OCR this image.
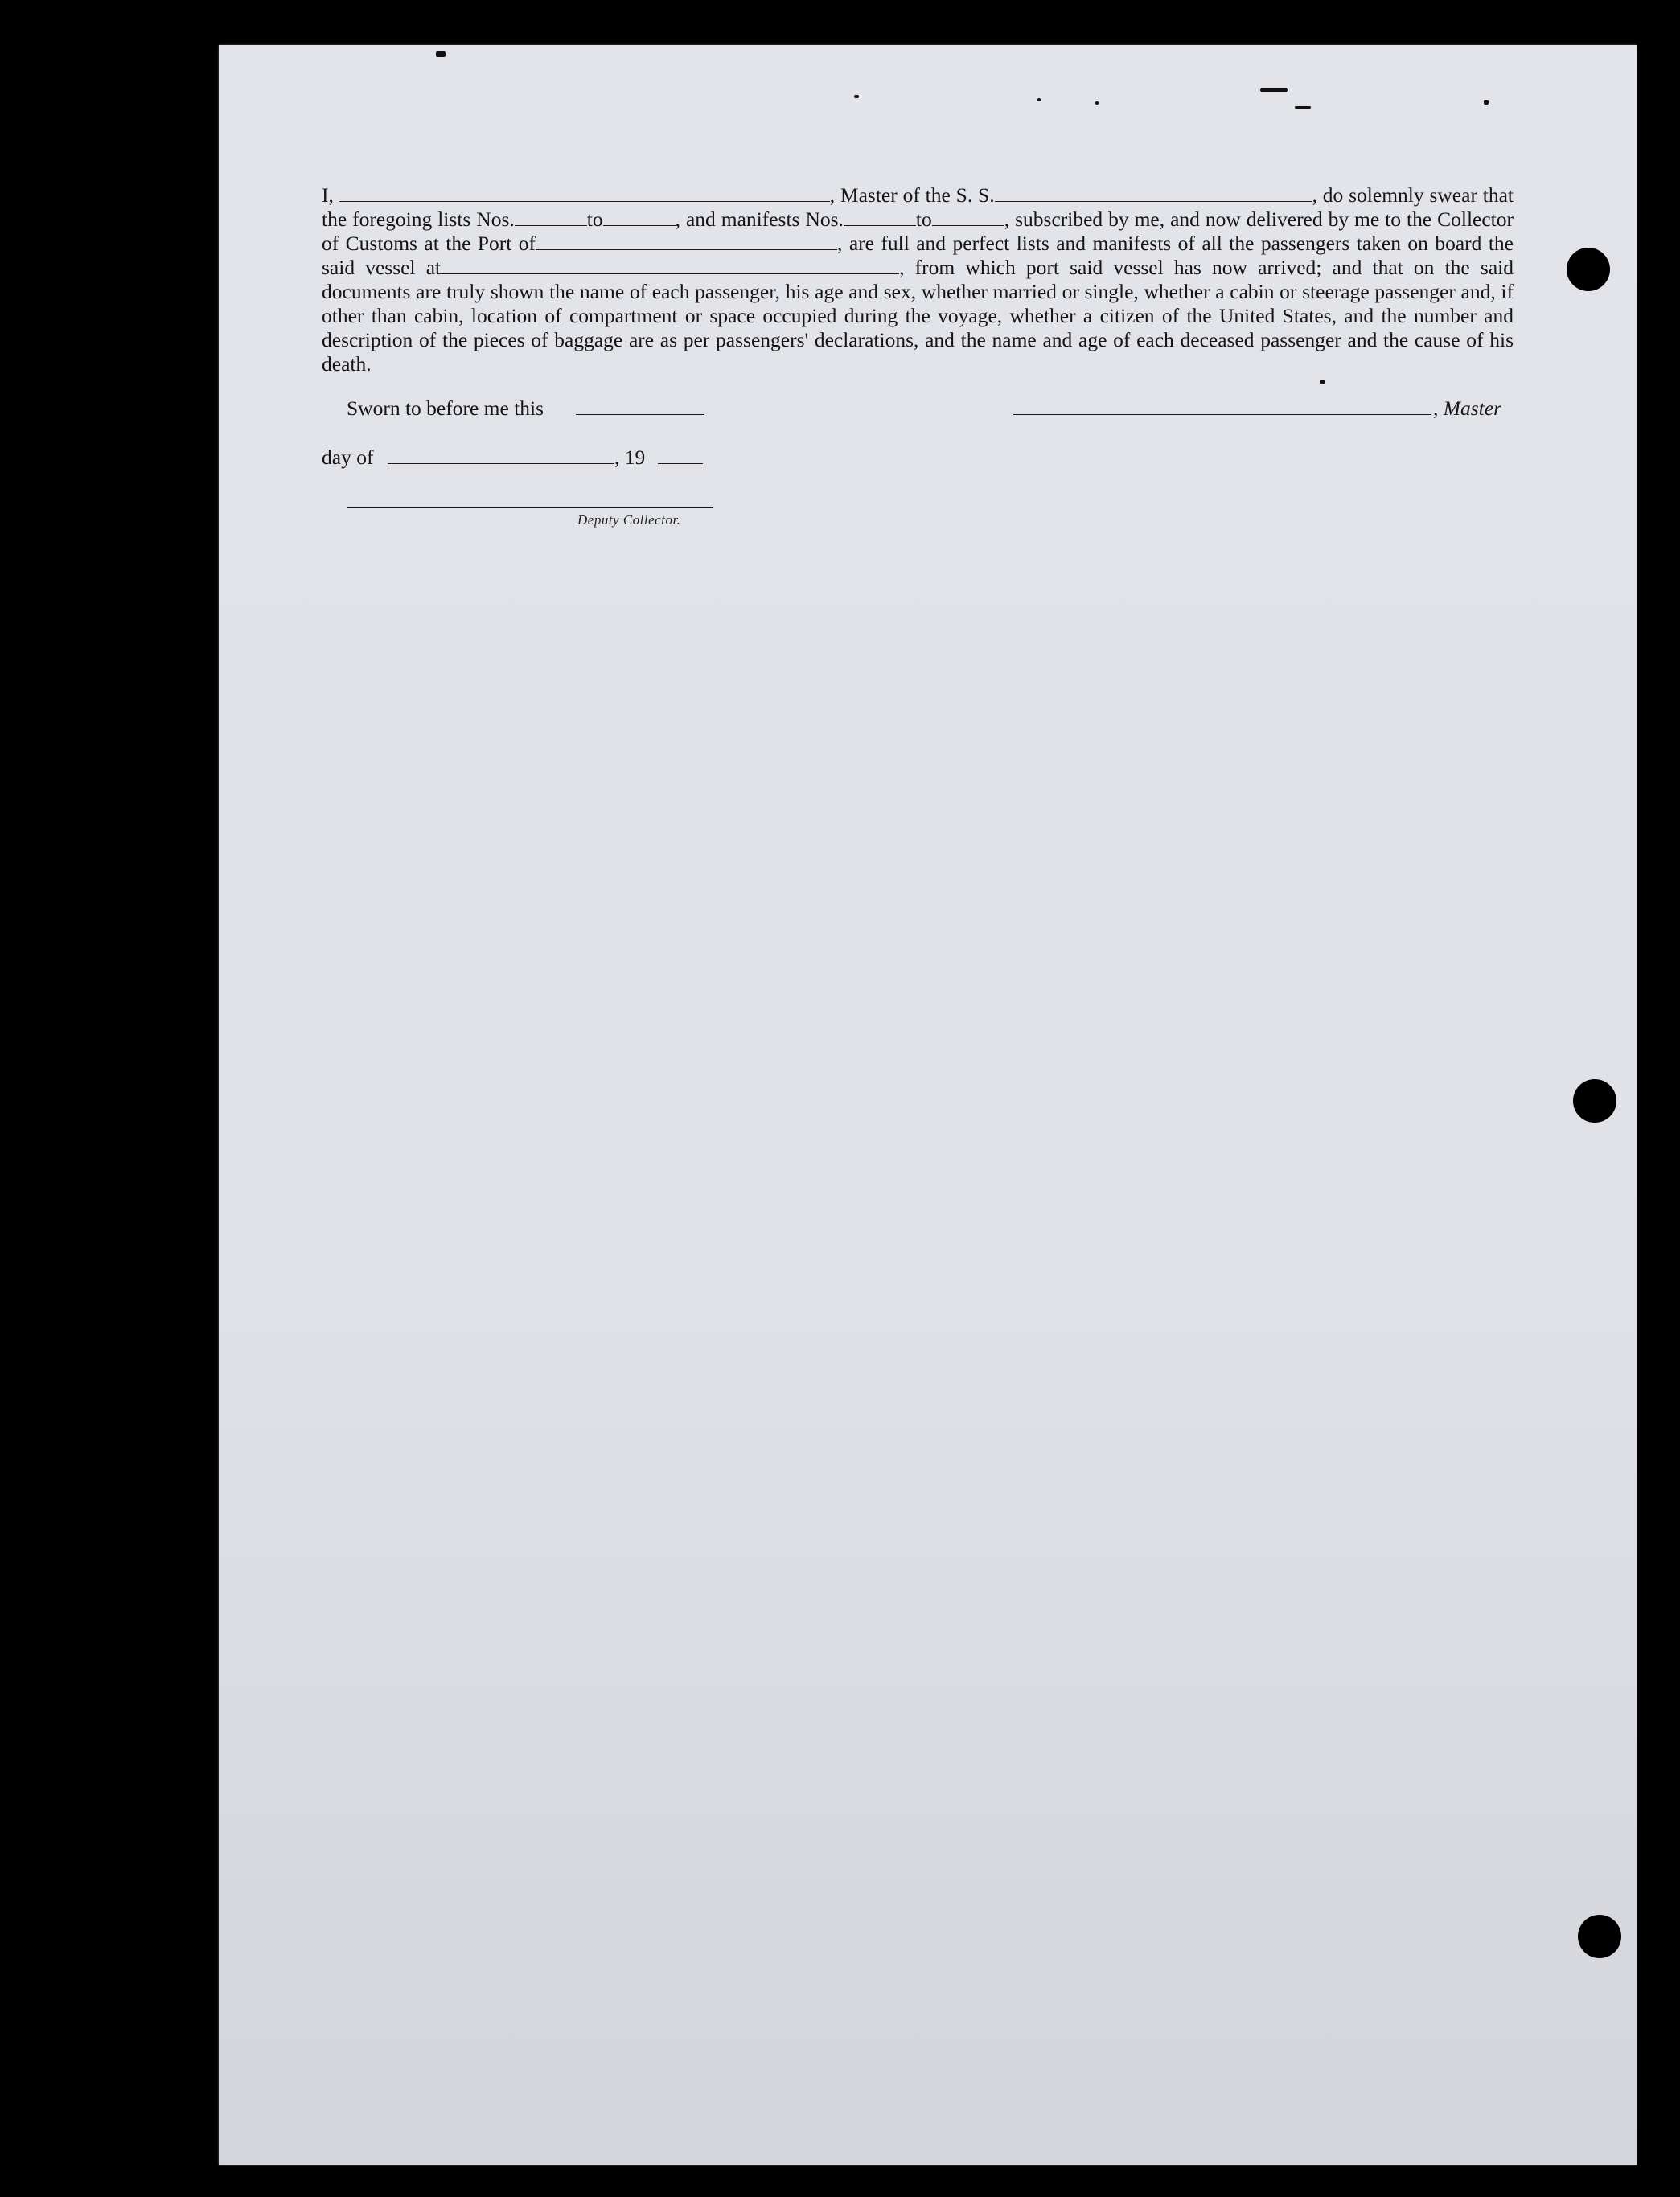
I,	, Master of the S. S.	, do solemnly swear that the foregoing lists Nos.	to	, and manifests Nos.	to	, subscribed by me, and now delivered by me to the Collector of Customs at the Port of	, are full and perfect lists and manifests of all the passengers taken on board the said vessel at	, from which port said vessel has now arrived; and that on the said documents are truly shown the name of each passenger, his age and sex, whether married or single, whether a cabin or steerage passenger and, if other than cabin, location of compartment or space occupied during the voyage, whether a citizen of the United States, and the number and description of the pieces of baggage are as per passengers' declarations, and the name and age of each deceased passenger and the cause of his death.
Sworn to before me this	, Master
day of	, 19
Deputy Collector.
